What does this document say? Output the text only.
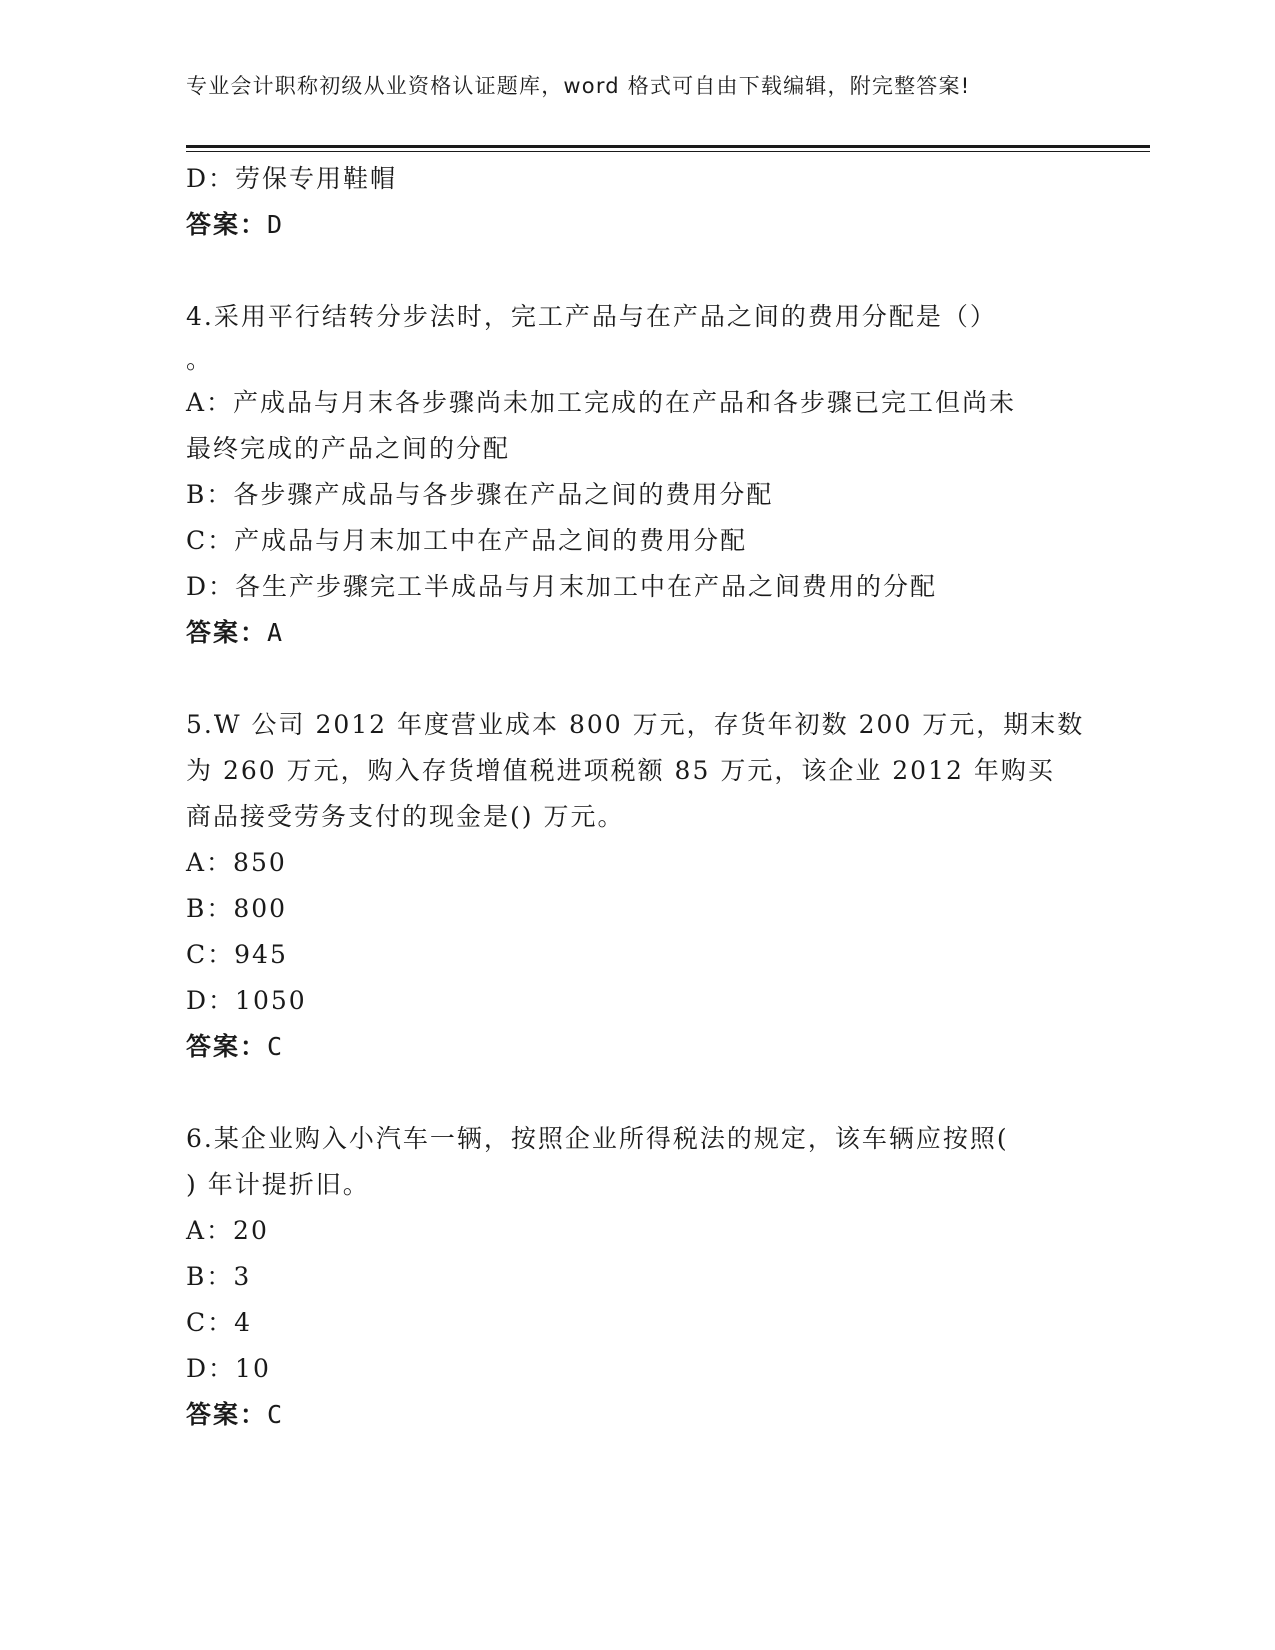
专业会计职称初级从业资格认证题库，word 格式可自由下载编辑，附完整答案!
D：劳保专用鞋帽
答案：D
4.采用平行结转分步法时，完工产品与在产品之间的费用分配是（）
。
A：产成品与月末各步骤尚未加工完成的在产品和各步骤已完工但尚未
最终完成的产品之间的分配
B：各步骤产成品与各步骤在产品之间的费用分配
C：产成品与月末加工中在产品之间的费用分配
D：各生产步骤完工半成品与月末加工中在产品之间费用的分配
答案：A
5.W 公司 2012 年度营业成本 800 万元，存货年初数 200 万元，期末数
为 260 万元，购入存货增值税进项税额 85 万元，该企业 2012 年购买
商品接受劳务支付的现金是() 万元。
A：850
B：800
C：945
D：1050
答案：C
6.某企业购入小汽车一辆，按照企业所得税法的规定，该车辆应按照(
) 年计提折旧。
A：20
B：3
C：4
D：10
答案：C
